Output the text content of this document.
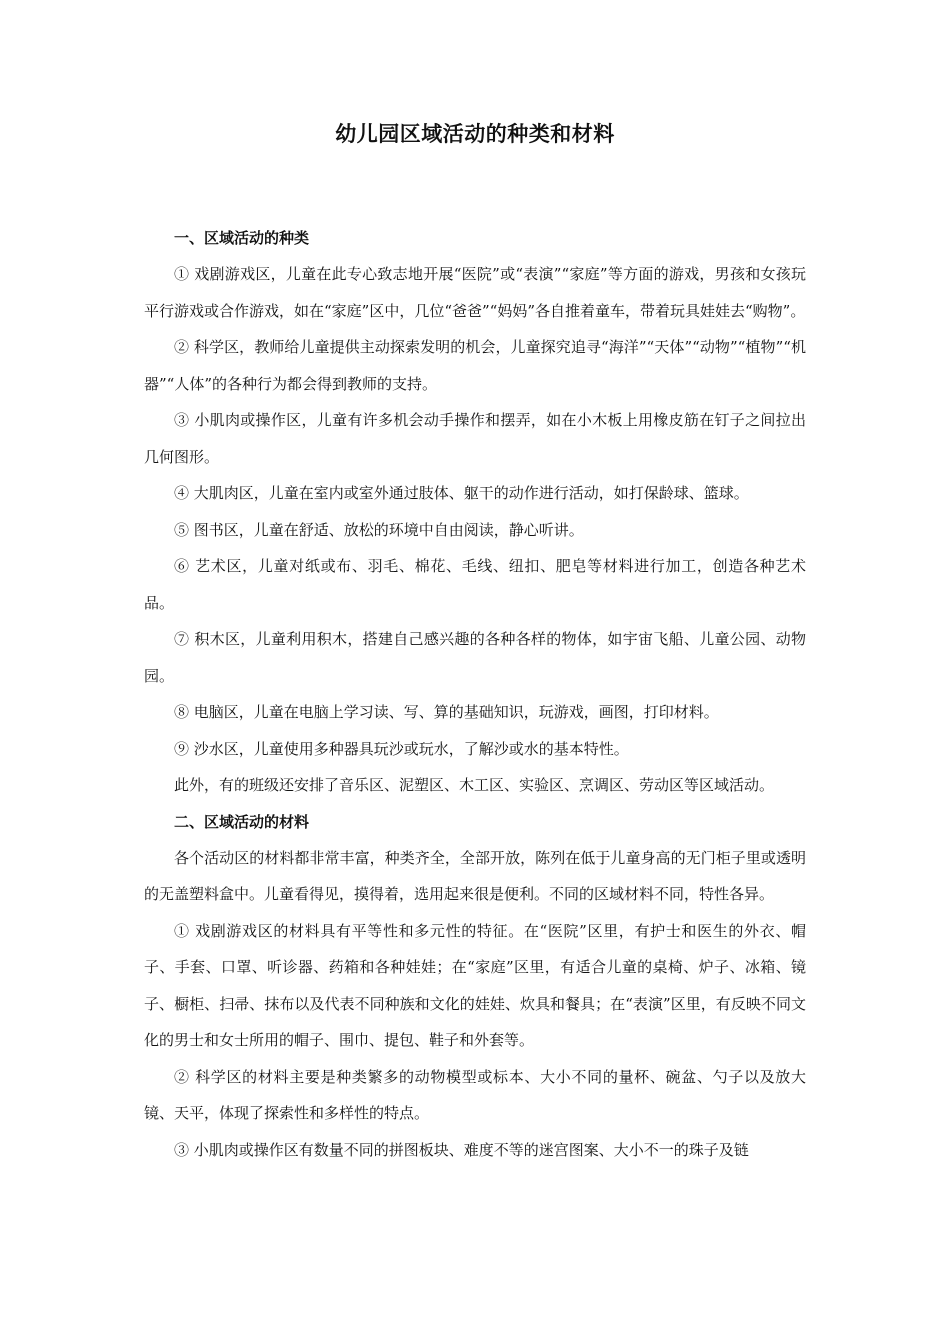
幼儿园区域活动的种类和材料
一、区域活动的种类

① 戏剧游戏区，儿童在此专心致志地开展“医院”或“表演”“家庭”等方面的游戏，男孩和女孩玩平行游戏或合作游戏，如在“家庭”区中，几位“爸爸”“妈妈”各自推着童车，带着玩具娃娃去“购物”。

② 科学区，教师给儿童提供主动探索发明的机会，儿童探究追寻“海洋”“天体”“动物”“植物”“机器”“人体”的各种行为都会得到教师的支持。

③ 小肌肉或操作区，儿童有许多机会动手操作和摆弄，如在小木板上用橡皮筋在钉子之间拉出几何图形。

④ 大肌肉区，儿童在室内或室外通过肢体、躯干的动作进行活动，如打保龄球、篮球。

⑤ 图书区，儿童在舒适、放松的环境中自由阅读，静心听讲。

⑥ 艺术区，儿童对纸或布、羽毛、棉花、毛线、纽扣、肥皂等材料进行加工，创造各种艺术品。

⑦ 积木区，儿童利用积木，搭建自己感兴趣的各种各样的物体，如宇宙飞船、儿童公园、动物园。

⑧ 电脑区，儿童在电脑上学习读、写、算的基础知识，玩游戏，画图，打印材料。

⑨ 沙水区，儿童使用多种器具玩沙或玩水，了解沙或水的基本特性。

此外，有的班级还安排了音乐区、泥塑区、木工区、实验区、烹调区、劳动区等区域活动。

二、区域活动的材料

各个活动区的材料都非常丰富，种类齐全，全部开放，陈列在低于儿童身高的无门柜子里或透明的无盖塑料盒中。儿童看得见，摸得着，选用起来很是便利。不同的区域材料不同，特性各异。

① 戏剧游戏区的材料具有平等性和多元性的特征。在“医院”区里，有护士和医生的外衣、帽子、手套、口罩、听诊器、药箱和各种娃娃；在“家庭”区里，有适合儿童的桌椅、炉子、冰箱、镜子、橱柜、扫帚、抹布以及代表不同种族和文化的娃娃、炊具和餐具；在“表演”区里，有反映不同文化的男士和女士所用的帽子、围巾、提包、鞋子和外套等。

② 科学区的材料主要是种类繁多的动物模型或标本、大小不同的量杯、碗盆、勺子以及放大镜、天平，体现了探索性和多样性的特点。

③ 小肌肉或操作区有数量不同的拼图板块、难度不等的迷宫图案、大小不一的珠子及链
